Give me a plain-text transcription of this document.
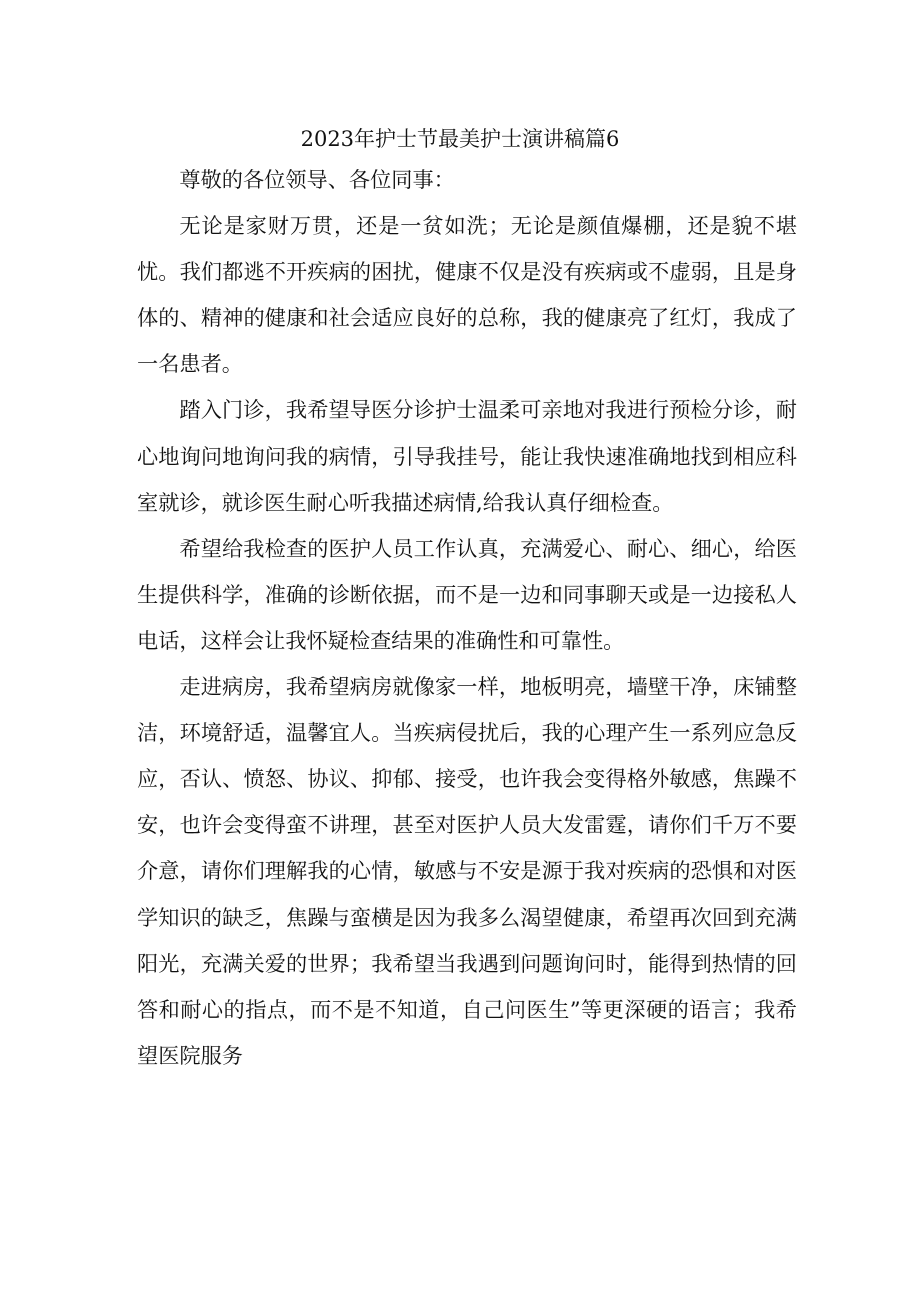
2023年护士节最美护士演讲稿篇6

尊敬的各位领导、各位同事：

无论是家财万贯，还是一贫如洗；无论是颜值爆棚，还是貌不堪忧。我们都逃不开疾病的困扰，健康不仅是没有疾病或不虚弱，且是身体的、精神的健康和社会适应良好的总称，我的健康亮了红灯，我成了一名患者。

踏入门诊，我希望导医分诊护士温柔可亲地对我进行预检分诊，耐心地询问地询问我的病情，引导我挂号，能让我快速准确地找到相应科室就诊，就诊医生耐心听我描述病情,给我认真仔细检查。

希望给我检查的医护人员工作认真，充满爱心、耐心、细心，给医生提供科学，准确的诊断依据，而不是一边和同事聊天或是一边接私人电话，这样会让我怀疑检查结果的准确性和可靠性。

走进病房，我希望病房就像家一样，地板明亮，墙壁干净，床铺整洁，环境舒适，温馨宜人。当疾病侵扰后，我的心理产生一系列应急反应，否认、愤怒、协议、抑郁、接受，也许我会变得格外敏感，焦躁不安，也许会变得蛮不讲理，甚至对医护人员大发雷霆，请你们千万不要介意，请你们理解我的心情，敏感与不安是源于我对疾病的恐惧和对医学知识的缺乏，焦躁与蛮横是因为我多么渴望健康，希望再次回到充满阳光，充满关爱的世界；我希望当我遇到问题询问时，能得到热情的回答和耐心的指点，而不是不知道，自己问医生”等更深硬的语言；我希望医院服务
